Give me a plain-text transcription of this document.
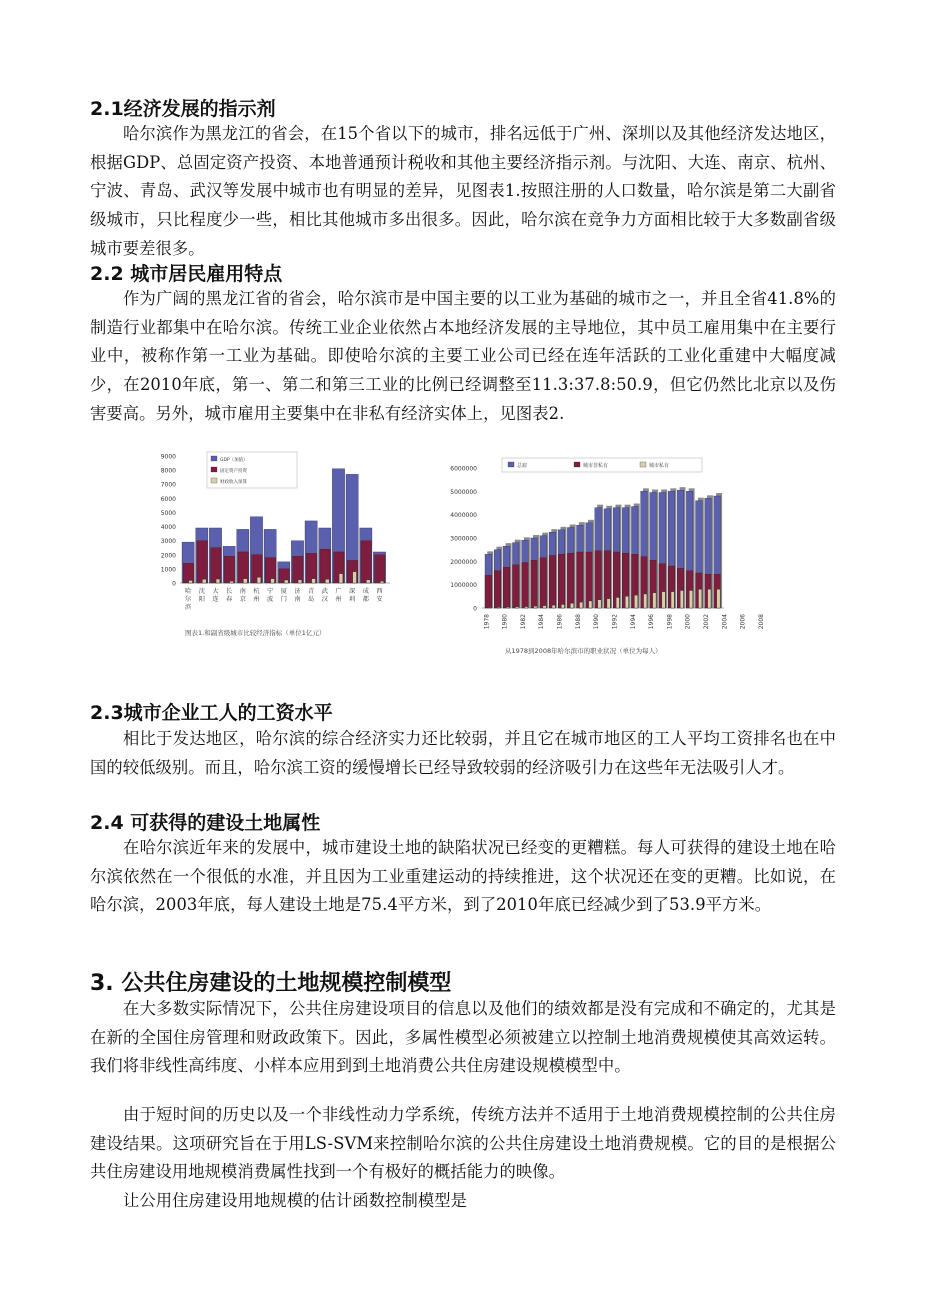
2.1经济发展的指示剂

哈尔滨作为黑龙江的省会，在15个省以下的城市，排名远低于广州、深圳以及其他经济发达地区，根据GDP、总固定资产投资、本地普通预计税收和其他主要经济指示剂。与沈阳、大连、南京、杭州、宁波、青岛、武汉等发展中城市也有明显的差异，见图表1.按照注册的人口数量，哈尔滨是第二大副省级城市，只比程度少一些，相比其他城市多出很多。因此，哈尔滨在竞争力方面相比较于大多数副省级城市要差很多。

2.2 城市居民雇用特点

作为广阔的黑龙江省的省会，哈尔滨市是中国主要的以工业为基础的城市之一，并且全省41.8%的制造行业都集中在哈尔滨。传统工业企业依然占本地经济发展的主导地位，其中员工雇用集中在主要行业中，被称作第一工业为基础。即使哈尔滨的主要工业公司已经在连年活跃的工业化重建中大幅度减少，在2010年底，第一、第二和第三工业的比例已经调整至11.3:37.8:50.9，但它仍然比北京以及伤害要高。另外，城市雇用主要集中在非私有经济实体上，见图表2.

0
1000
2000
3000
4000
5000
6000
7000
8000
9000
哈
尔
滨
沈
阳
大
连
长
春
南
京
杭
州
宁
波
厦
门
济
南
青
岛
武
汉
广
州
深
圳
成
都
西
安
GDP（加值）
固定资产投资
财政收入预算
图表1.和副省级城市比较经济指标（单位1亿元）
0
1000000
2000000
3000000
4000000
5000000
6000000
1978 1980 1982 1984 1986 1988 1990 1992 1994 1996 1998 2000 2002 2004 2006 2008
总雇	城市非私有	城市私有
从1978到2008年哈尔滨市的职业状况（单位为每人）
2.3城市企业工人的工资水平

相比于发达地区，哈尔滨的综合经济实力还比较弱，并且它在城市地区的工人平均工资排名也在中国的较低级别。而且，哈尔滨工资的缓慢增长已经导致较弱的经济吸引力在这些年无法吸引人才。

2.4 可获得的建设土地属性

在哈尔滨近年来的发展中，城市建设土地的缺陷状况已经变的更糟糕。每人可获得的建设土地在哈尔滨依然在一个很低的水准，并且因为工业重建运动的持续推进，这个状况还在变的更糟。比如说，在哈尔滨，2003年底，每人建设土地是75.4平方米，到了2010年底已经减少到了53.9平方米。

3. 公共住房建设的土地规模控制模型

在大多数实际情况下，公共住房建设项目的信息以及他们的绩效都是没有完成和不确定的，尤其是在新的全国住房管理和财政政策下。因此，多属性模型必须被建立以控制土地消费规模使其高效运转。我们将非线性高纬度、小样本应用到到土地消费公共住房建设规模模型中。

由于短时间的历史以及一个非线性动力学系统，传统方法并不适用于土地消费规模控制的公共住房建设结果。这项研究旨在于用LS-SVM来控制哈尔滨的公共住房建设土地消费规模。它的目的是根据公共住房建设用地规模消费属性找到一个有极好的概括能力的映像。

让公用住房建设用地规模的估计函数控制模型是
